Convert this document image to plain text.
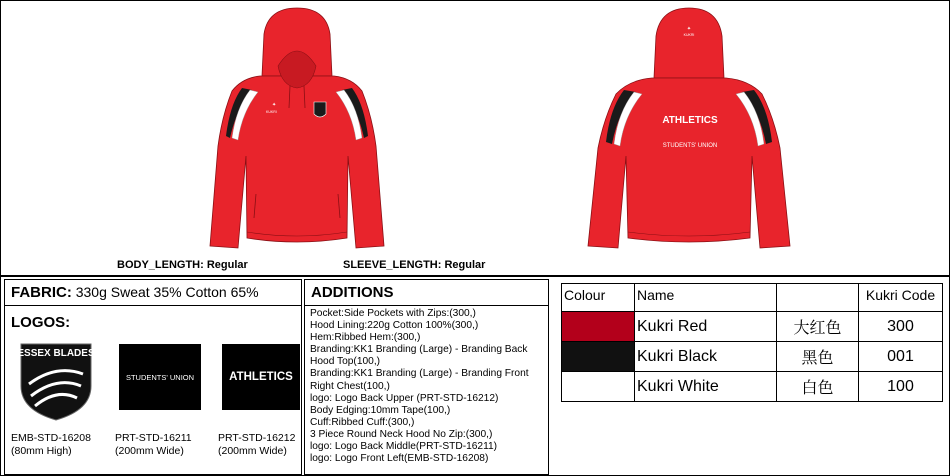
✦
KUKRI
✦
KUKRI
ATHLETICS
STUDENTS' UNION
BODY_LENGTH: Regular	SLEEVE_LENGTH: Regular
FABRIC: 330g Sweat 35% Cotton 65%
LOGOS:
ESSEX BLADES
EMB-STD-16208
(80mm High)
STUDENTS' UNION
PRT-STD-16211
(200mm Wide)
ATHLETICS
PRT-STD-16212
(200mm Wide)
ADDITIONS
Pocket:Side Pockets with Zips:(300,)
Hood Lining:220g Cotton 100%(300,)
Hem:Ribbed Hem:(300,)
Branding:KK1 Branding (Large) - Branding Back
Hood Top(100,)
Branding:KK1 Branding (Large) - Branding Front
Right Chest(100,)
logo: Logo Back Upper (PRT-STD-16212)
Body Edging:10mm Tape(100,)
Cuff:Ribbed Cuff:(300,)
3 Piece Round Neck Hood No Zip:(300,)
logo: Logo Back Middle(PRT-STD-16211)
logo: Logo Front Left(EMB-STD-16208)
Colour	Name		Kukri Code
	Kukri Red	大红色	300
	Kukri Black	黑色	001
	Kukri White	白色	100
